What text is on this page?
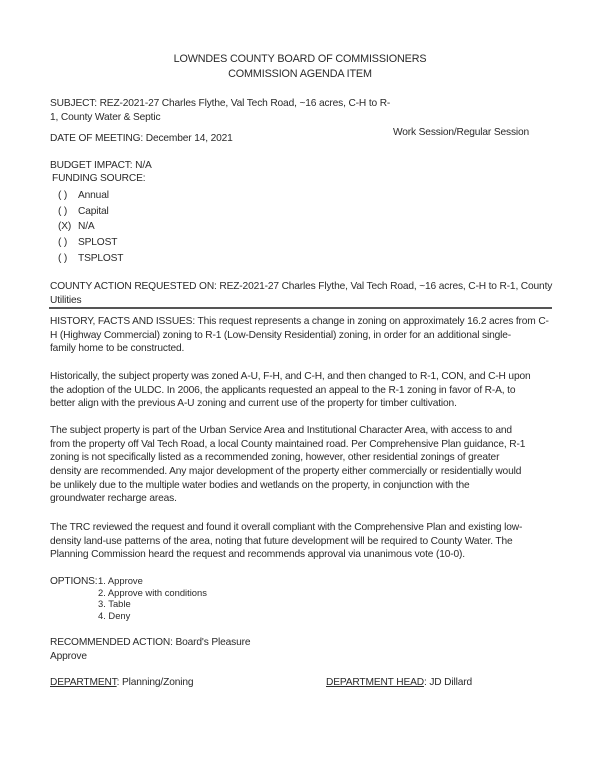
LOWNDES COUNTY BOARD OF COMMISSIONERS
COMMISSION AGENDA ITEM
SUBJECT: REZ-2021-27 Charles Flythe, Val Tech Road, ~16 acres, C-H to R-
1, County Water & Septic
DATE OF MEETING: December 14, 2021
Work Session/Regular Session
BUDGET IMPACT: N/A
FUNDING SOURCE:
( ) Annual
( ) Capital
(X) N/A
( ) SPLOST
( ) TSPLOST
COUNTY ACTION REQUESTED ON: REZ-2021-27 Charles Flythe, Val Tech Road, ~16 acres, C-H to R-1, County
Utilities
HISTORY, FACTS AND ISSUES: This request represents a change in zoning on approximately 16.2 acres from C-
H (Highway Commercial) zoning to R-1 (Low-Density Residential) zoning, in order for an additional single-
family home to be constructed.
Historically, the subject property was zoned A-U, F-H, and C-H, and then changed to R-1, CON, and C-H upon
the adoption of the ULDC. In 2006, the applicants requested an appeal to the R-1 zoning in favor of R-A, to
better align with the previous A-U zoning and current use of the property for timber cultivation.
The subject property is part of the Urban Service Area and Institutional Character Area, with access to and
from the property off Val Tech Road, a local County maintained road. Per Comprehensive Plan guidance, R-1
zoning is not specifically listed as a recommended zoning, however, other residential zonings of greater
density are recommended. Any major development of the property either commercially or residentially would
be unlikely due to the multiple water bodies and wetlands on the property, in conjunction with the
groundwater recharge areas.
The TRC reviewed the request and found it overall compliant with the Comprehensive Plan and existing low-
density land-use patterns of the area, noting that future development will be required to County Water. The
Planning Commission heard the request and recommends approval via unanimous vote (10-0).
OPTIONS: 1. Approve
2. Approve with conditions
3. Table
4. Deny
RECOMMENDED ACTION: Board's Pleasure
Approve
DEPARTMENT: Planning/Zoning	DEPARTMENT HEAD: JD Dillard
